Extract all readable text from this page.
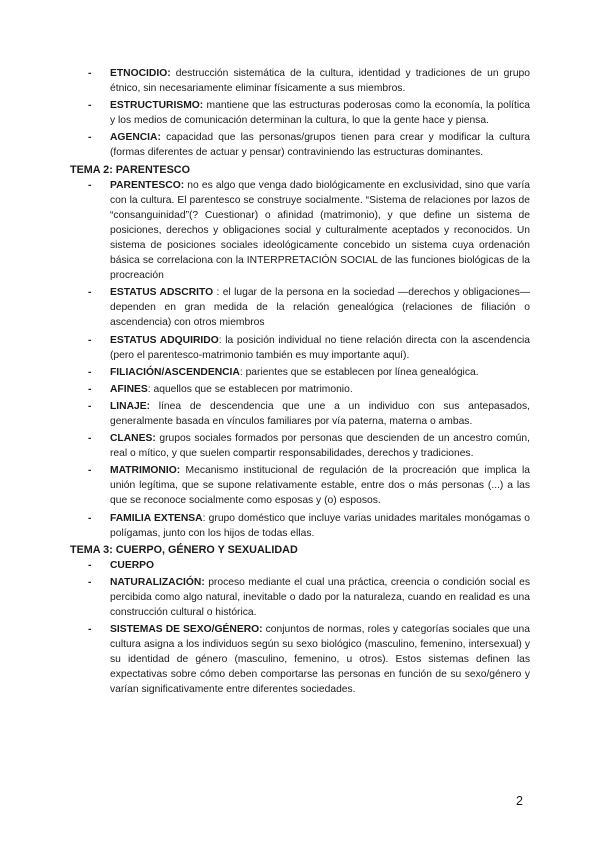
- ETNOCIDIO: destrucción sistemática de la cultura, identidad y tradiciones de un grupo étnico, sin necesariamente eliminar físicamente a sus miembros.
- ESTRUCTURISMO: mantiene que las estructuras poderosas como la economía, la política y los medios de comunicación determinan la cultura, lo que la gente hace y piensa.
- AGENCIA: capacidad que las personas/grupos tienen para crear y modificar la cultura (formas diferentes de actuar y pensar) contraviniendo las estructuras dominantes.
TEMA 2: PARENTESCO
- PARENTESCO: no es algo que venga dado biológicamente en exclusividad, sino que varía con la cultura. El parentesco se construye socialmente. “Sistema de relaciones por lazos de “consanguinidad”(? Cuestionar) o afinidad (matrimonio), y que define un sistema de posiciones, derechos y obligaciones social y culturalmente aceptados y reconocidos. Un sistema de posiciones sociales ideológicamente concebido un sistema cuya ordenación básica se correlaciona con la INTERPRETACIÓN SOCIAL de las funciones biológicas de la procreación
- ESTATUS ADSCRITO : el lugar de la persona en la sociedad —derechos y obligaciones—dependen en gran medida de la relación genealógica (relaciones de filiación o ascendencia) con otros miembros
- ESTATUS ADQUIRIDO: la posición individual no tiene relación directa con la ascendencia (pero el parentesco-matrimonio también es muy importante aquí).
- FILIACIÓN/ASCENDENCIA: parientes que se establecen por línea genealógica.
- AFINES: aquellos que se establecen por matrimonio.
- LINAJE: línea de descendencia que une a un individuo con sus antepasados, generalmente basada en vínculos familiares por vía paterna, materna o ambas.
- CLANES: grupos sociales formados por personas que descienden de un ancestro común, real o mítico, y que suelen compartir responsabilidades, derechos y tradiciones.
- MATRIMONIO: Mecanismo institucional de regulación de la procreación que implica la unión legítima, que se supone relativamente estable, entre dos o más personas (...) a las que se reconoce socialmente como esposas y (o) esposos.
- FAMILIA EXTENSA: grupo doméstico que incluye varias unidades maritales monógamas o polígamas, junto con los hijos de todas ellas.
TEMA 3: CUERPO, GÉNERO Y SEXUALIDAD
- CUERPO
- NATURALIZACIÓN: proceso mediante el cual una práctica, creencia o condición social es percibida como algo natural, inevitable o dado por la naturaleza, cuando en realidad es una construcción cultural o histórica.
- SISTEMAS DE SEXO/GÉNERO: conjuntos de normas, roles y categorías sociales que una cultura asigna a los individuos según su sexo biológico (masculino, femenino, intersexual) y su identidad de género (masculino, femenino, u otros). Estos sistemas definen las expectativas sobre cómo deben comportarse las personas en función de su sexo/género y varían significativamente entre diferentes sociedades.
2
